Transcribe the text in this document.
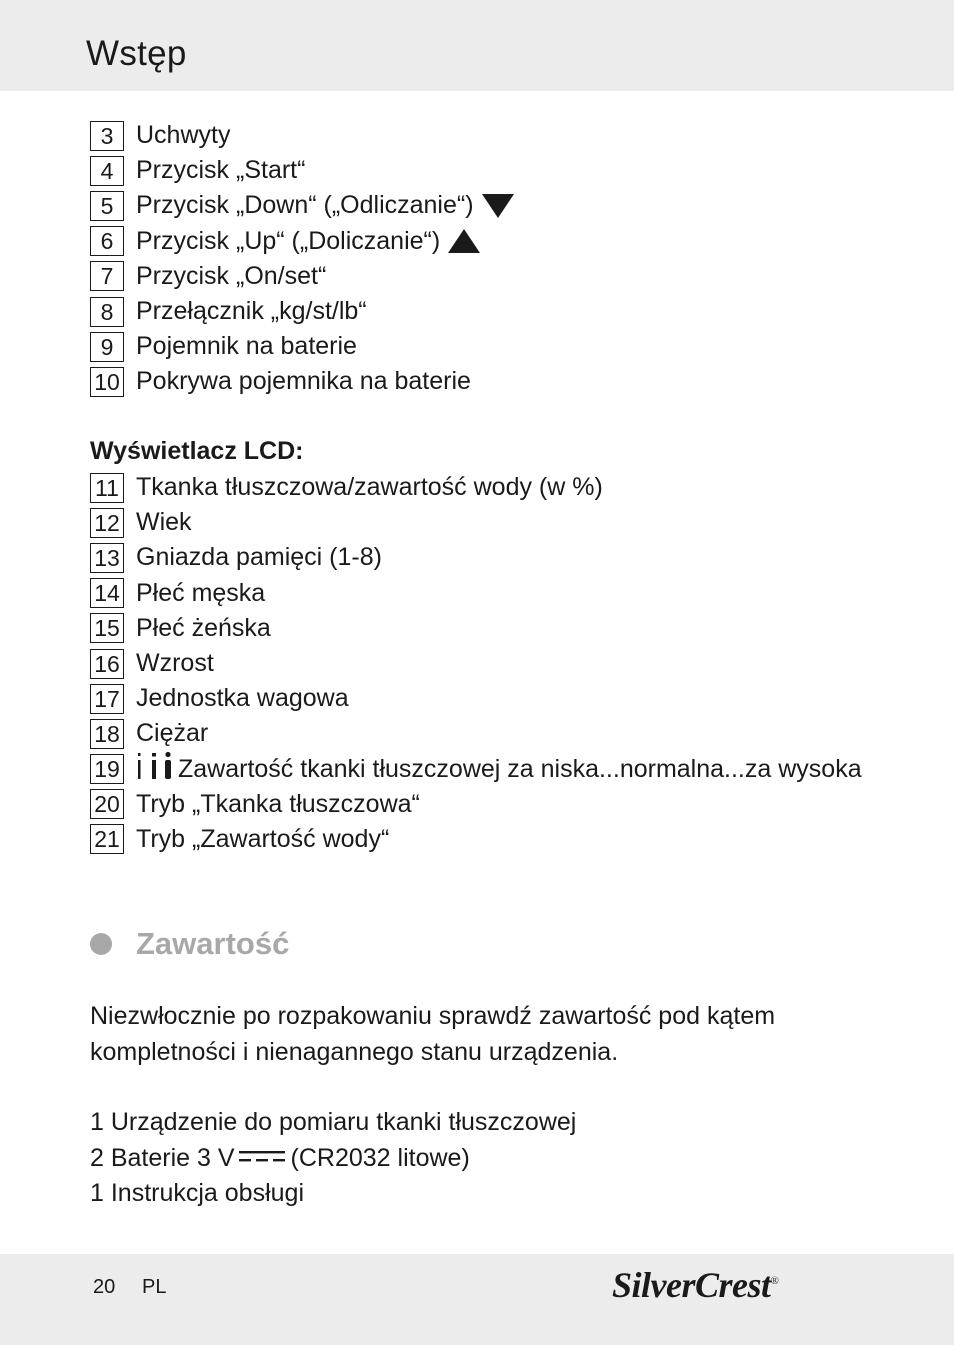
Wstęp
3 Uchwyty
4 Przycisk „Start“
5 Przycisk „Down“ („Odliczanie“)
6 Przycisk „Up“ („Doliczanie“)
7 Przycisk „On/set“
8 Przełącznik „kg/st/lb“
9 Pojemnik na baterie
10 Pokrywa pojemnika na baterie
Wyświetlacz LCD:
11 Tkanka tłuszczowa/zawartość wody (w %)
12 Wiek
13 Gniazda pamięci (1-8)
14 Płeć męska
15 Płeć żeńska
16 Wzrost
17 Jednostka wagowa
18 Ciężar
19 Zawartość tkanki tłuszczowej za niska...normalna...za wysoka
20 Tryb „Tkanka tłuszczowa“
21 Tryb „Zawartość wody“
Zawartość
Niezwłocznie po rozpakowaniu sprawdź zawartość pod kątem kompletności i nienagannego stanu urządzenia.
1 Urządzenie do pomiaru tkanki tłuszczowej
2 Baterie 3 V (CR2032 litowe)
1 Instrukcja obsługi
20 PL	SilverCrest®
